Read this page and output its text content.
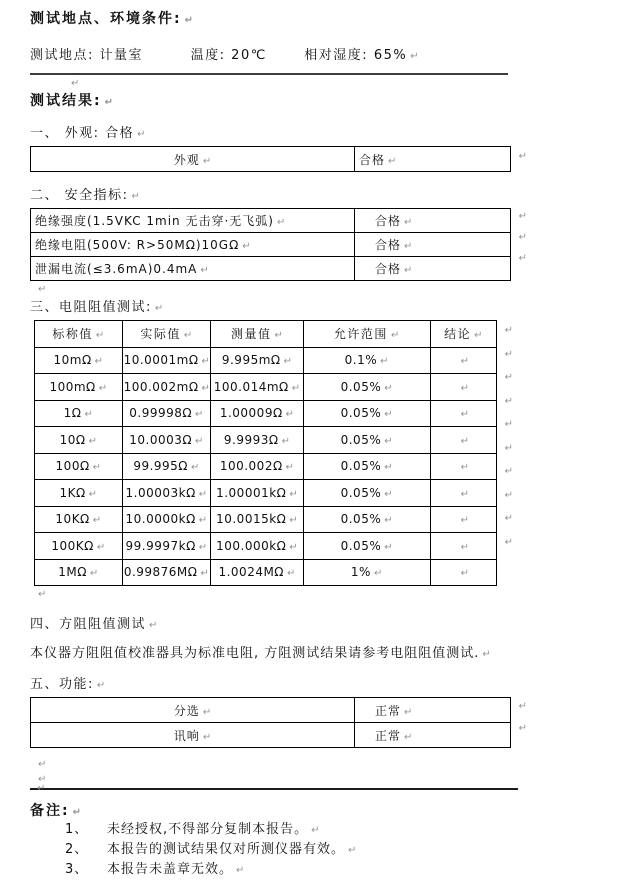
测试地点、环境条件: ↵
测试地点: 计量室	温度: 20℃	相对湿度: 65% ↵
↵
测试结果: ↵
一、 外观: 合格 ↵
外观 ↵	合格 ↵
↵
二、 安全指标: ↵
绝缘强度(1.5VKC 1min 无击穿·无飞弧) ↵	合格 ↵
绝缘电阻(500V: R>50MΩ)10GΩ ↵	合格 ↵
泄漏电流(≤3.6mA)0.4mA ↵	合格 ↵
↵
↵
↵
↵
三、电阻阻值测试: ↵
标称值 ↵	实际值 ↵	测量值 ↵	允许范围 ↵	结论 ↵
10mΩ ↵	10.0001mΩ ↵	9.995mΩ ↵	0.1% ↵	↵
100mΩ ↵	100.002mΩ ↵	100.014mΩ ↵	0.05% ↵	↵
1Ω ↵	0.99998Ω ↵	1.00009Ω ↵	0.05% ↵	↵
10Ω ↵	10.0003Ω ↵	9.9993Ω ↵	0.05% ↵	↵
100Ω ↵	99.995Ω ↵	100.002Ω ↵	0.05% ↵	↵
1KΩ ↵	1.00003kΩ ↵	1.00001kΩ ↵	0.05% ↵	↵
10KΩ ↵	10.0000kΩ ↵	10.0015kΩ ↵	0.05% ↵	↵
100KΩ ↵	99.9997kΩ ↵	100.000kΩ ↵	0.05% ↵	↵
1MΩ ↵	0.99876MΩ ↵	1.0024MΩ ↵	1% ↵	↵
↵
↵
↵
↵
↵
↵
↵
↵
↵
↵
↵
四、方阻阻值测试 ↵
本仪器方阻阻值校准器具为标准电阻, 方阻测试结果请参考电阻阻值测试. ↵
五、功能: ↵
分选 ↵	正常 ↵
讯响 ↵	正常 ↵
↵
↵
↵
↵
↵
备注: ↵
1、 未经授权,不得部分复制本报告。 ↵
2、 本报告的测试结果仅对所测仪器有效。 ↵
3、 本报告未盖章无效。 ↵
